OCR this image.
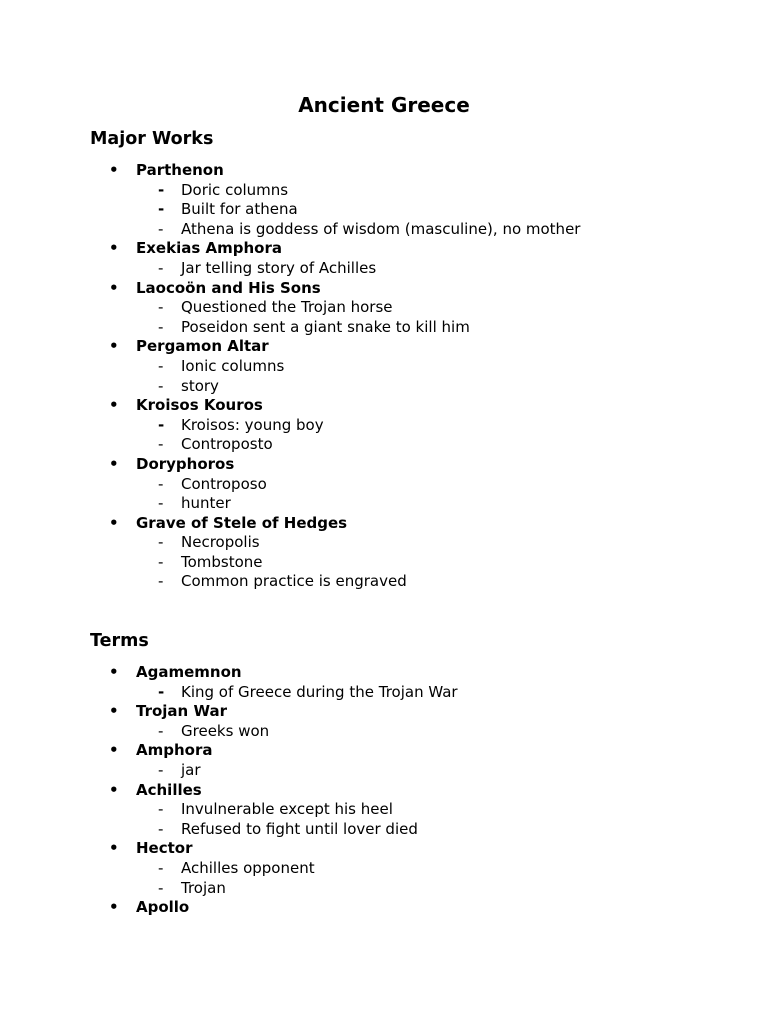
Ancient Greece
Major Works
• Parthenon
- Doric columns
- Built for athena
- Athena is goddess of wisdom (masculine), no mother
• Exekias Amphora
- Jar telling story of Achilles
• Laocoön and His Sons
- Questioned the Trojan horse
- Poseidon sent a giant snake to kill him
• Pergamon Altar
- Ionic columns
- story
• Kroisos Kouros
- Kroisos: young boy
- Controposto
• Doryphoros
- Controposo
- hunter
• Grave of Stele of Hedges
- Necropolis
- Tombstone
- Common practice is engraved
Terms
• Agamemnon
- King of Greece during the Trojan War
• Trojan War
- Greeks won
• Amphora
- jar
• Achilles
- Invulnerable except his heel
- Refused to fight until lover died
• Hector
- Achilles opponent
- Trojan
• Apollo
